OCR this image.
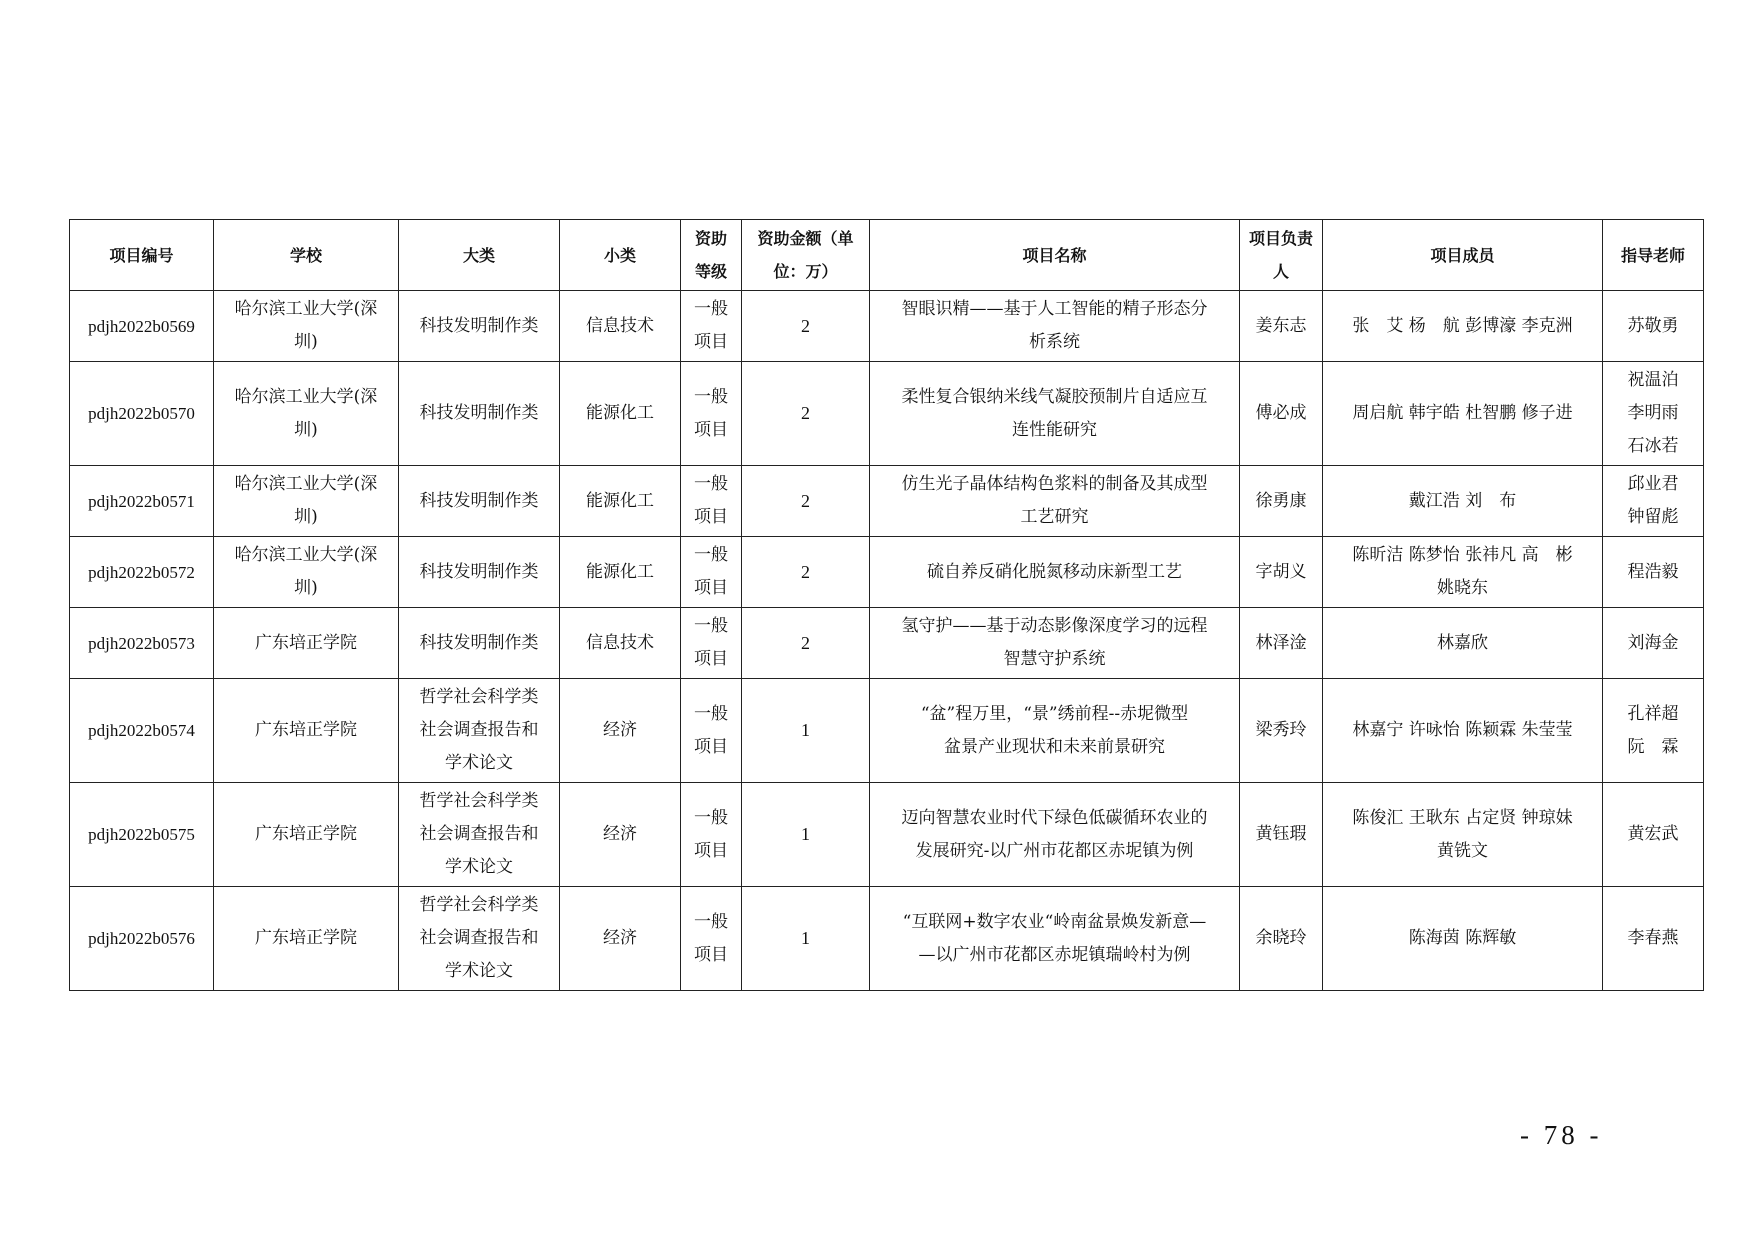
项目编号	学校	大类	小类	资助等级	资助金额（单位：万）	项目名称	项目负责人	项目成员	指导老师
pdjh2022b0569	哈尔滨工业大学(深
圳)	科技发明制作类	信息技术	一般
项目	2	智眼识精——基于人工智能的精子形态分
析系统	姜东志	张　艾 杨　航 彭博濠 李克洲	苏敬勇

pdjh2022b0570	哈尔滨工业大学(深
圳)	科技发明制作类	能源化工	一般
项目	2	柔性复合银纳米线气凝胶预制片自适应互
连性能研究	傅必成	周启航 韩宇皓 杜智鹏 修子进	祝温泊
李明雨
石冰若

pdjh2022b0571	哈尔滨工业大学(深
圳)	科技发明制作类	能源化工	一般
项目	2	仿生光子晶体结构色浆料的制备及其成型
工艺研究	徐勇康	戴江浩 刘　布	邱业君
钟留彪

pdjh2022b0572	哈尔滨工业大学(深
圳)	科技发明制作类	能源化工	一般
项目	2	硫自养反硝化脱氮移动床新型工艺	字胡义	陈昕洁 陈梦怡 张祎凡 高　彬
姚晓东	程浩毅

pdjh2022b0573	广东培正学院	科技发明制作类	信息技术	一般
项目	2	氢守护——基于动态影像深度学习的远程
智慧守护系统	林泽淦	林嘉欣	刘海金

pdjh2022b0574	广东培正学院	哲学社会科学类
社会调查报告和
学术论文	经济	一般
项目	1	“盆”程万里，“景”绣前程--赤坭微型
盆景产业现状和未来前景研究	梁秀玲	林嘉宁 许咏怡 陈颖霖 朱莹莹	孔祥超
阮　霖

pdjh2022b0575	广东培正学院	哲学社会科学类
社会调查报告和
学术论文	经济	一般
项目	1	迈向智慧农业时代下绿色低碳循环农业的
发展研究-以广州市花都区赤坭镇为例	黄钰瑕	陈俊汇 王耿东 占定贤 钟琼妹
黄铣文	黄宏武

pdjh2022b0576	广东培正学院	哲学社会科学类
社会调查报告和
学术论文	经济	一般
项目	1	“互联网+数字农业“岭南盆景焕发新意—
—以广州市花都区赤坭镇瑞岭村为例	余晓玲	陈海茵 陈辉敏	李春燕
- 78 -
